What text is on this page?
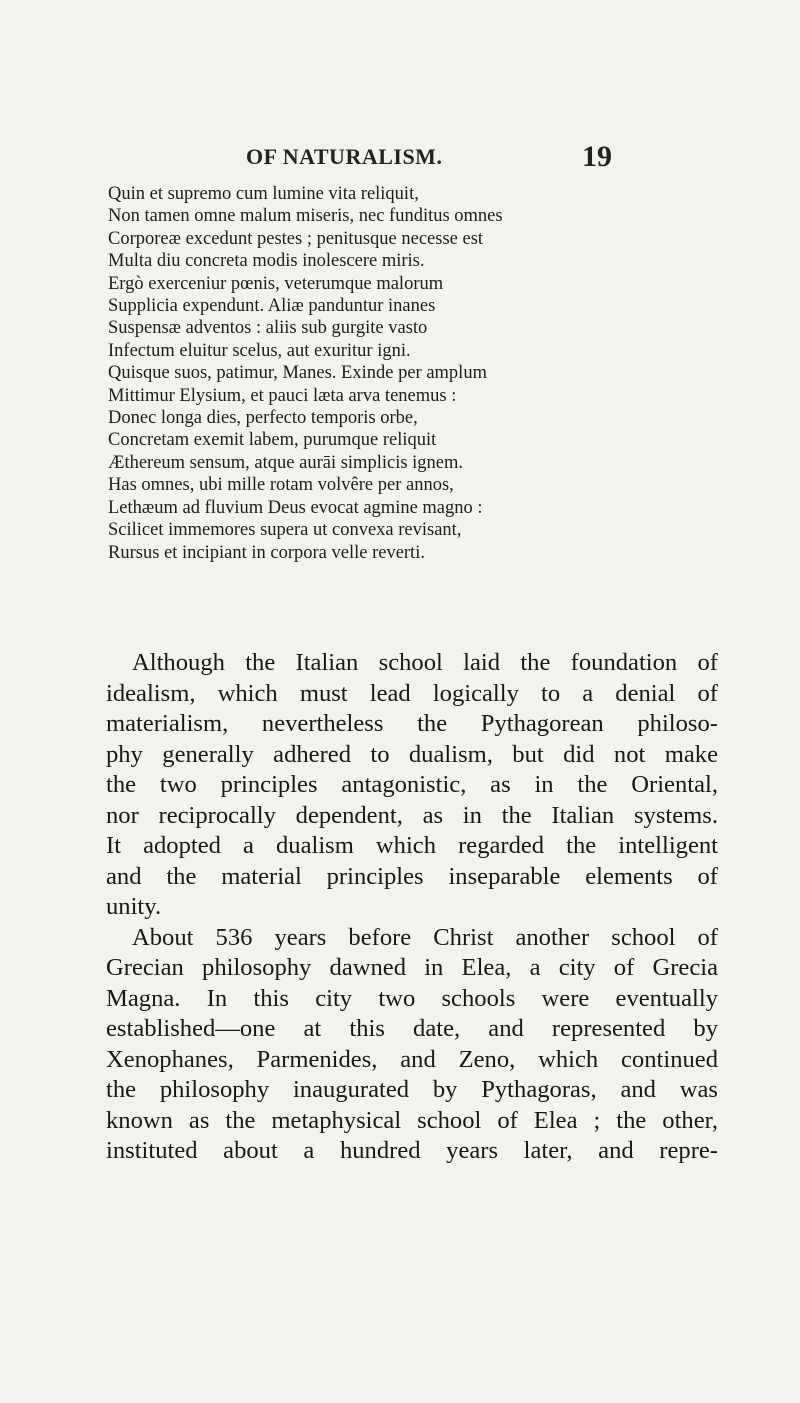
OF NATURALISM.	19
Quin et supremo cum lumine vita reliquit,
Non tamen omne malum miseris, nec funditus omnes
Corporeæ excedunt pestes ; penitusque necesse est
Multa diu concreta modis inolescere miris.
Ergò exerceniur pœnis, veterumque malorum
Supplicia expendunt. Aliæ panduntur inanes
Suspensæ adventos : aliis sub gurgite vasto
Infectum eluitur scelus, aut exuritur igni.
Quisque suos, patimur, Manes. Exinde per amplum
Mittimur Elysium, et pauci læta arva tenemus :
Donec longa dies, perfecto temporis orbe,
Concretam exemit labem, purumque reliquit
Æthereum sensum, atque aurāi simplicis ignem.
Has omnes, ubi mille rotam volvêre per annos,
Lethæum ad fluvium Deus evocat agmine magno :
Scilicet immemores supera ut convexa revisant,
Rursus et incipiant in corpora velle reverti.
Although the Italian school laid the foundation of
idealism, which must lead logically to a denial of
materialism, nevertheless the Pythagorean philoso-
phy generally adhered to dualism, but did not make
the two principles antagonistic, as in the Oriental,
nor reciprocally dependent, as in the Italian systems.
It adopted a dualism which regarded the intelligent
and the material principles inseparable elements of
unity.
About 536 years before Christ another school of
Grecian philosophy dawned in Elea, a city of Grecia
Magna. In this city two schools were eventually
established—one at this date, and represented by
Xenophanes, Parmenides, and Zeno, which continued
the philosophy inaugurated by Pythagoras, and was
known as the metaphysical school of Elea ; the other,
instituted about a hundred years later, and repre-
